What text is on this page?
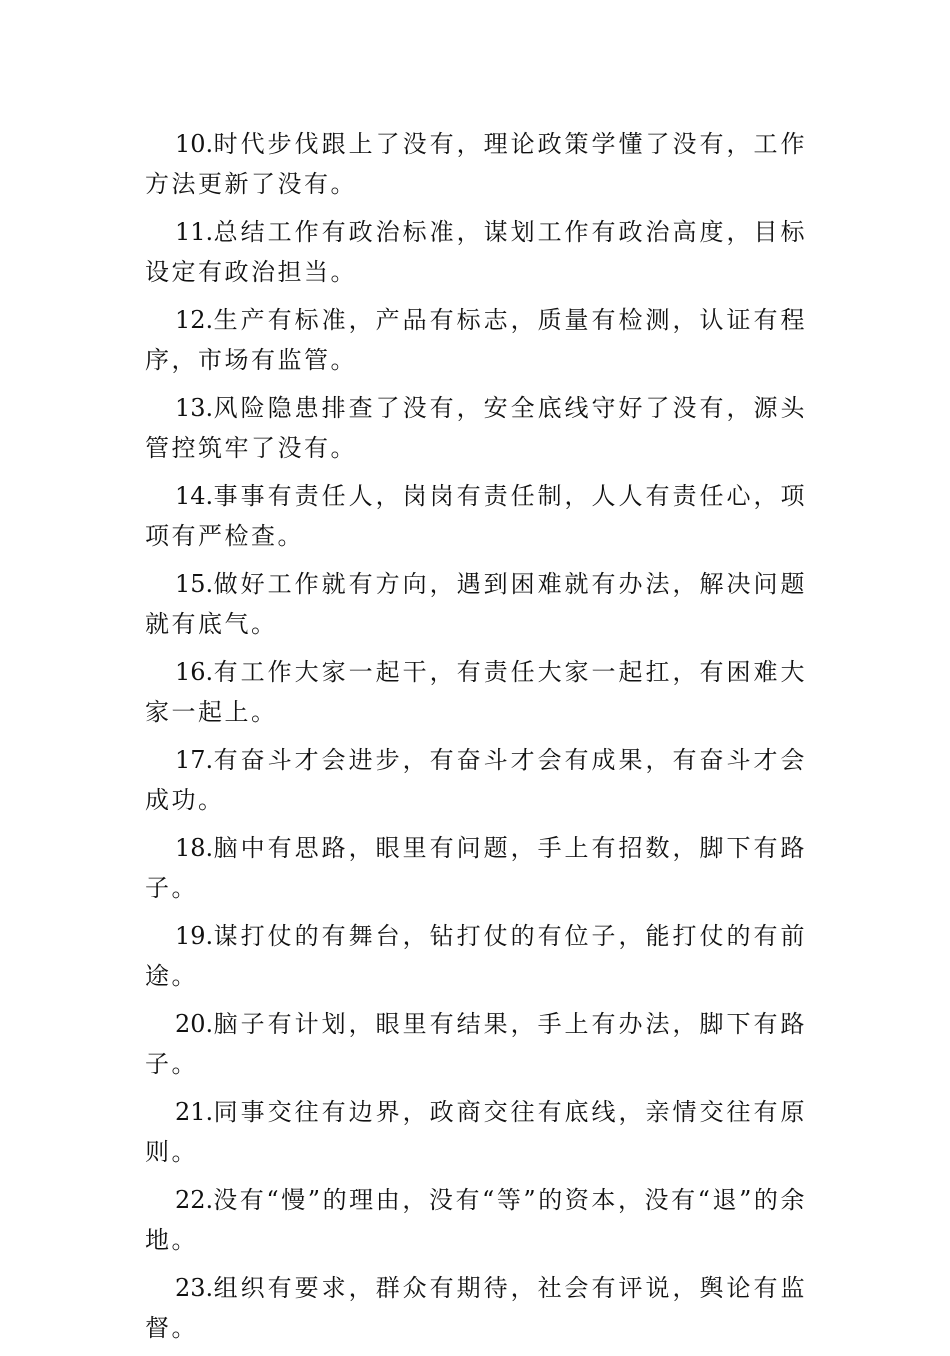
10.时代步伐跟上了没有，理论政策学懂了没有，工作方法更新了没有。

11.总结工作有政治标准，谋划工作有政治高度，目标设定有政治担当。

12.生产有标准，产品有标志，质量有检测，认证有程序，市场有监管。

13.风险隐患排查了没有，安全底线守好了没有，源头管控筑牢了没有。

14.事事有责任人，岗岗有责任制，人人有责任心，项项有严检查。

15.做好工作就有方向，遇到困难就有办法，解决问题就有底气。

16.有工作大家一起干，有责任大家一起扛，有困难大家一起上。

17.有奋斗才会进步，有奋斗才会有成果，有奋斗才会成功。

18.脑中有思路，眼里有问题，手上有招数，脚下有路子。

19.谋打仗的有舞台，钻打仗的有位子，能打仗的有前途。

20.脑子有计划，眼里有结果，手上有办法，脚下有路子。

21.同事交往有边界，政商交往有底线，亲情交往有原则。

22.没有“慢”的理由，没有“等”的资本，没有“退”的余地。

23.组织有要求，群众有期待，社会有评说，舆论有监督。
